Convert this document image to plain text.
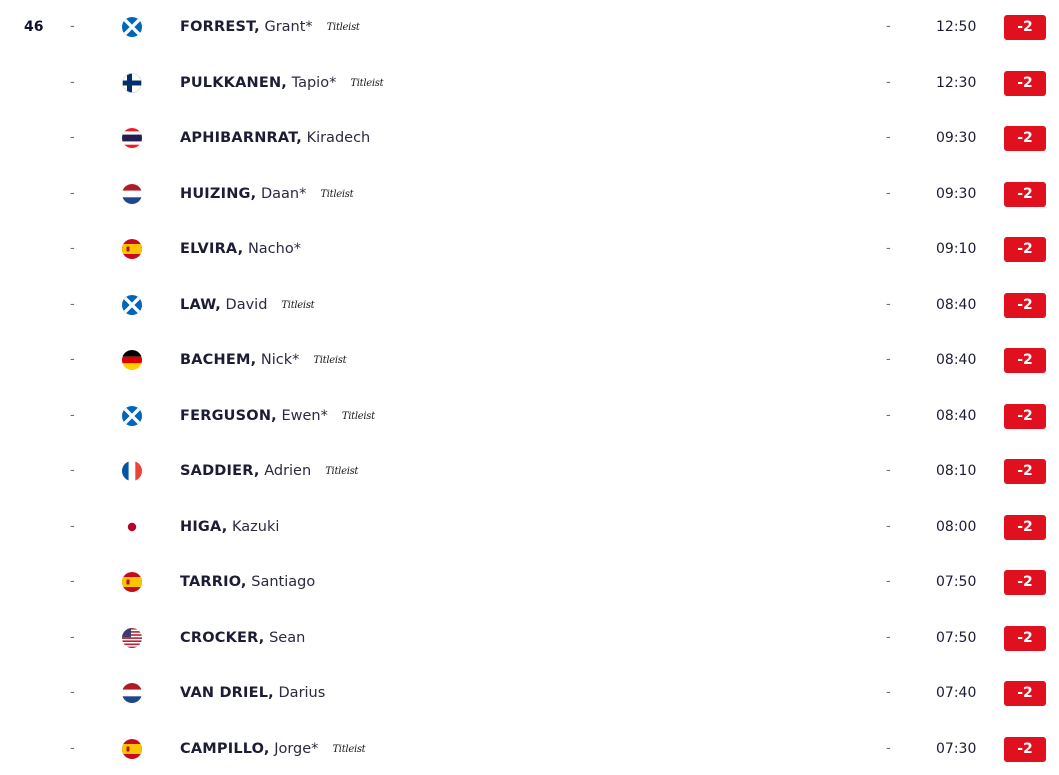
46 -	FORREST, Grant* Titleist	-	12:50	-2
-	PULKKANEN, Tapio* Titleist	-	12:30	-2
-	APHIBARNRAT, Kiradech	-	09:30	-2
-	HUIZING, Daan* Titleist	-	09:30	-2
-	ELVIRA, Nacho*	-	09:10	-2
-	LAW, David Titleist	-	08:40	-2
-	BACHEM, Nick* Titleist	-	08:40	-2
-	FERGUSON, Ewen* Titleist	-	08:40	-2
-	SADDIER, Adrien Titleist	-	08:10	-2
-	HIGA, Kazuki	-	08:00	-2
-	TARRIO, Santiago	-	07:50	-2
-	CROCKER, Sean	-	07:50	-2
-	VAN DRIEL, Darius	-	07:40	-2
-	CAMPILLO, Jorge* Titleist	-	07:30	-2
